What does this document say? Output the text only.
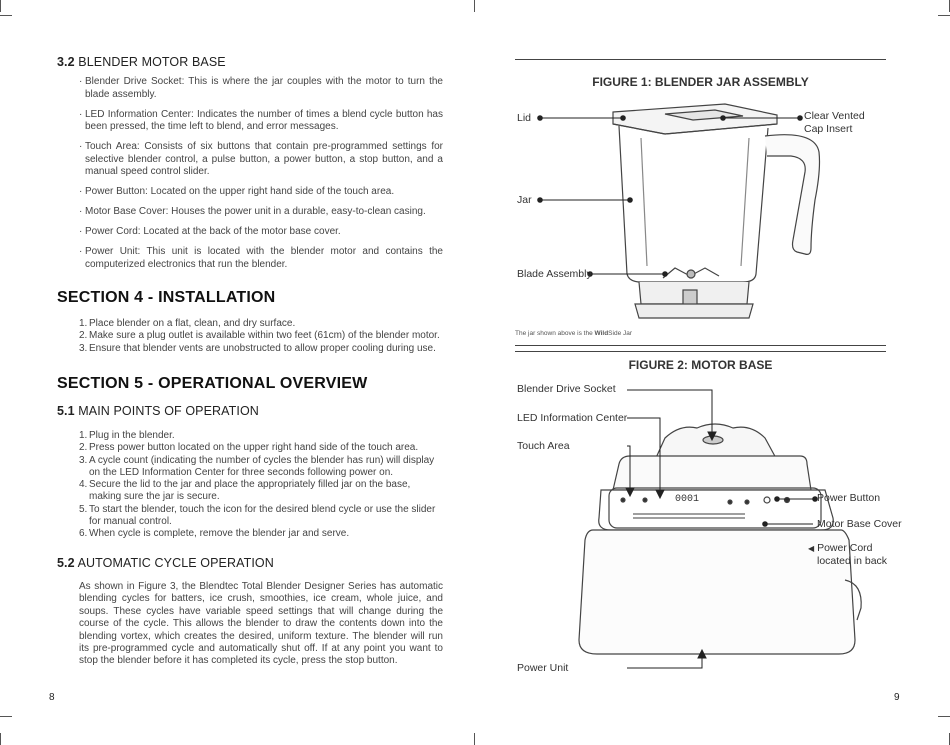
3.2 BLENDER MOTOR BASE
· Blender Drive Socket: This is where the jar couples with the motor to turn the blade assembly.
· LED Information Center: Indicates the number of times a blend cycle button has been pressed, the time left to blend, and error messages.
· Touch Area: Consists of six buttons that contain pre-programmed settings for selective blender control, a pulse button, a power button, a stop button, and a manual speed control slider.
· Power Button: Located on the upper right hand side of the touch area.
· Motor Base Cover: Houses the power unit in a durable, easy-to-clean casing.
· Power Cord: Located at the back of the motor base cover.
· Power Unit: This unit is located with the blender motor and contains the computerized electronics that run the blender.
SECTION 4 - INSTALLATION
1. Place blender on a flat, clean, and dry surface.
2. Make sure a plug outlet is available within two feet (61cm) of the blender motor.
3. Ensure that blender vents are unobstructed to allow proper cooling during use.
SECTION 5 - OPERATIONAL OVERVIEW
5.1 MAIN POINTS OF OPERATION
1. Plug in the blender.
2. Press power button located on the upper right hand side of the touch area.
3. A cycle count (indicating the number of cycles the blender has run) will display on the LED Information Center for three seconds following power on.
4. Secure the lid to the jar and place the appropriately filled jar on the base, making sure the jar is secure.
5. To start the blender, touch the icon for the desired blend cycle or use the slider for manual control.
6. When cycle is complete, remove the blender jar and serve.
5.2 AUTOMATIC CYCLE OPERATION
As shown in Figure 3, the Blendtec Total Blender Designer Series has automatic blending cycles for batters, ice crush, smoothies, ice cream, whole juice, and soups. These cycles have variable speed settings that will change during the course of the cycle. This allows the blender to draw the contents down into the blending vortex, which creates the desired, uniform texture. The blender will run its pre-programmed cycle and automatically shut off. If at any point you want to stop the blender before it has completed its cycle, press the stop button.
8
FIGURE 1: BLENDER JAR ASSEMBLY
Lid
Jar
Blade Assembly
Clear Vented
Cap Insert
The jar shown above is the WildSide Jar
FIGURE 2: MOTOR BASE
0001
Blender Drive Socket
LED Information Center
Touch Area
Power Button
Motor Base Cover
◀ Power Cord
located in back
Power Unit
9
